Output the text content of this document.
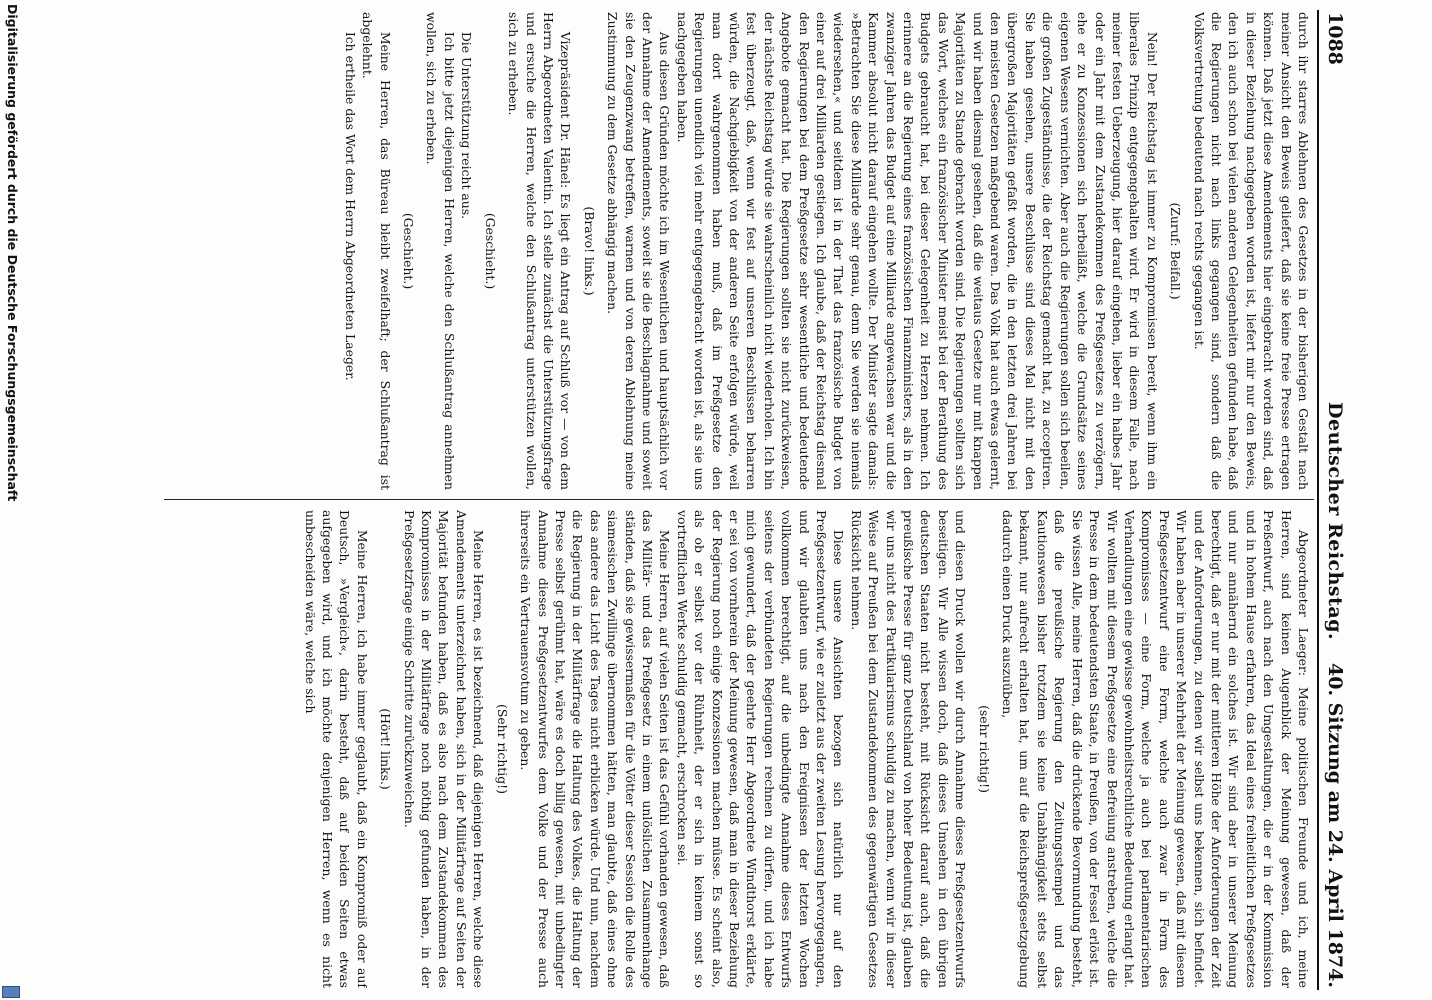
1088
Deutscher Reichstag.
40. Sitzung am 24. April 1874.

durch ihr starres Ablehnen des Gesetzes in der bisherigen Gestalt nach meiner Ansicht den Beweis geliefert, daß sie keine freie Presse ertragen können. Daß jetzt diese Amendements hier eingebracht worden sind, daß in dieser Beziehung nachgegeben worden ist, liefert mir nur den Beweis, den ich auch schon bei vielen anderen Gelegenheiten gefunden habe, daß die Regierungen nicht nach links gegangen sind, sondern daß die Volksvertretung bedeutend nach rechts gegangen ist.

(Zuruf: Beifall.)

Nein! Der Reichstag ist immer zu Kompromissen bereit, wenn ihm ein liberales Prinzip entgegengehalten wird. Er wird in diesem Falle, nach meiner festen Ueberzeugung, hier darauf eingehen, lieber ein halbes Jahr oder ein Jahr mit dem Zustandekommen des Preßgesetzes zu verzögern, ehe er zu Konzessionen sich herbeiläßt, welche die Grundsätze seines eigenen Wesens vernichten. Aber auch die Regierungen sollen sich beeilen, die großen Zugeständnisse, die der Reichstag gemacht hat, zu acceptiren. Sie haben gesehen, unsere Beschlüsse sind dieses Mal nicht mit den übergroßen Majoritäten gefaßt worden, die in den letzten drei Jahren bei den meisten Gesetzen maßgebend waren. Das Volk hat auch etwas gelernt, und wir haben diesmal gesehen, daß die weitaus Gesetze nur mit knappen Majoritäten zu Stande gebracht worden sind. Die Regierungen sollten sich das Wort, welches ein französischer Minister meist bei der Berathung des Budgets gebraucht hat, bei dieser Gelegenheit zu Herzen nehmen. Ich erinnere an die Regierung eines französischen Finanzministers, als in den zwanziger Jahren das Budget auf eine Milliarde angewachsen war und die Kammer absolut nicht darauf eingehen wollte. Der Minister sagte damals: »Betrachten Sie diese Milliarde sehr genau, denn Sie werden sie niemals wiedersehen,« und seitdem ist in der That das französische Budget von einer auf drei Milliarden gestiegen. Ich glaube, daß der Reichstag diesmal den Regierungen bei dem Preßgesetze sehr wesentliche und bedeutende Angebote gemacht hat. Die Regierungen sollten sie nicht zurückweisen, der nächste Reichstag würde sie wahrscheinlich nicht wiederholen. Ich bin fest überzeugt, daß, wenn wir fest auf unseren Beschlüssen beharren würden, die Nachgiebigkeit von der anderen Seite erfolgen würde, weil man dort wahrgenommen haben muß, daß im Preßgesetze den Regierungen unendlich viel mehr entgegengebracht worden ist, als sie uns nachgegeben haben.

Aus diesen Gründen möchte ich im Wesentlichen und hauptsächlich vor der Annahme der Amendements, soweit sie die Beschlagnahme und soweit sie den Zeugenzwang betreffen, warnen und von deren Ablehnung meine Zustimmung zu dem Gesetze abhängig machen.

(Bravo! links.)

Vizepräsident Dr. Hänel: Es liegt ein Antrag auf Schluß vor — von dem Herrn Abgeordneten Valentin. Ich stelle zunächst die Unterstützungsfrage und ersuche die Herren, welche den Schlußantrag unterstützen wollen, sich zu erheben.

(Geschieht.)

Die Unterstützung reicht aus.

Ich bitte jetzt diejenigen Herren, welche den Schlußantrag annehmen wollen, sich zu erheben.

(Geschieht.)

Meine Herren, das Büreau bleibt zweifelhaft; der Schlußantrag ist abgelehnt.

Ich ertheile das Wort dem Herrn Abgeordneten Laeger.

Abgeordneter Laeger: Meine politischen Freunde und ich, meine Herren, sind keinen Augenblick der Meinung gewesen, daß der Preßentwurf, auch nach den Umgestaltungen, die er in der Kommission und in hohem Hause erfahren, das Ideal eines freiheitlichen Preßgesetzes und nur annähernd ein solches ist. Wir sind aber in unserer Meinung berechtigt, daß er nur mit der mittleren Höhe der Anforderungen der Zeit und der Anforderungen, zu denen wir selbst uns bekennen, sich befindet. Wir haben aber in unserer Mehrheit der Meinung gewesen, daß mit diesem Preßgesetzentwurf eine Form, welche auch zwar in Form des Kompromisses — eine Form, welche ja auch bei parlamentarischen Verhandlungen eine gewisse gewohnheitsrechtliche Bedeutung erlangt hat. Wir wollten mit diesem Preßgesetze eine Befreiung anstreben, welche die Presse in dem bedeutendsten Staate, in Preußen, von der Fessel erlöst ist. Sie wissen Alle, meine Herren, daß die drückende Bevormundung besteht, daß die preußische Regierung den Zeitungsstempel und das Kautionswesen bisher trotzdem sie keine Unabhängigkeit stets selbst bekannt, nur aufrecht erhalten hat, um auf die Reichspreßgesetzgebung dadurch einen Druck auszuüben,

(sehr richtig!)

und diesen Druck wollen wir durch Annahme dieses Preßgesetzentwurfs beseitigen. Wir Alle wissen doch, daß dieses Umsehen in den übrigen deutschen Staaten nicht besteht, mit Rücksicht darauf auch, daß die preußische Presse für ganz Deutschland von hoher Bedeutung ist, glauben wir uns nicht des Partikularismus schuldig zu machen, wenn wir in dieser Weise auf Preußen bei dem Zustandekommen des gegenwärtigen Gesetzes Rücksicht nehmen.

Diese unsere Ansichten bezogen sich natürlich nur auf den Preßgesetzentwurf, wie er zuletzt aus der zweiten Lesung hervorgegangen, und wir glaubten uns nach den Ereignissen der letzten Wochen vollkommen berechtigt, auf die unbedingte Annahme dieses Entwurfs seitens der verbündeten Regierungen rechnen zu dürfen, und ich habe mich gewundert, daß der geehrte Herr Abgeordnete Windthorst erklärte, er sei von vornherein der Meinung gewesen, daß man in dieser Beziehung der Regierung noch einige Konzessionen machen müsse. Es scheint also, als ob er selbst vor der Rühnheit, der er sich in keinem sonst so vortrefflichen Werke schuldig gemacht, erschrocken sei.

Meine Herren, auf vielen Seiten ist das Gefühl vorhanden gewesen, daß das Militär- und das Preßgesetz in einem unlöslichen Zusammenhange ständen, daß sie gewissermaßen für die Vötter dieser Session die Rolle des siamesischen Zwillinge übernommen hätten, man glaubte, daß eines ohne das andere das Licht des Tages nicht erblicken würde. Und nun, nachdem die Regierung in der Militärfrage die Haltung des Volkes, die Haltung der Presse selbst gerühmt hat, wäre es doch billig gewesen, mit unbedingter Annahme dieses Preßgesetzentwurfes dem Volke und der Presse auch ihrerseits ein Vertrauensvotum zu geben.

(Sehr richtig!)

Meine Herren, es ist bezeichnend, daß diejenigen Herren, welche diese Amendements unterzeichnet haben, sich in der Militärfrage auf Seiten der Majorität befunden haben, daß es also nach dem Zustandekommen des Kompromisses in der Militärfrage noch nöthig gefunden haben, in der Preßgesetzfrage einige Schritte zurückzuweichen.

(Hört! links.)

Meine Herren, ich habe immer geglaubt, daß ein Kompromiß oder auf Deutsch, »Vergleich«, darin besteht, daß auf beiden Seiten etwas aufgegeben wird, und ich möchte denjenigen Herren, wenn es nicht unbescheiden wäre, welche sich

Digitalisierung gefördert durch die Deutsche Forschungsgemeinschaft
